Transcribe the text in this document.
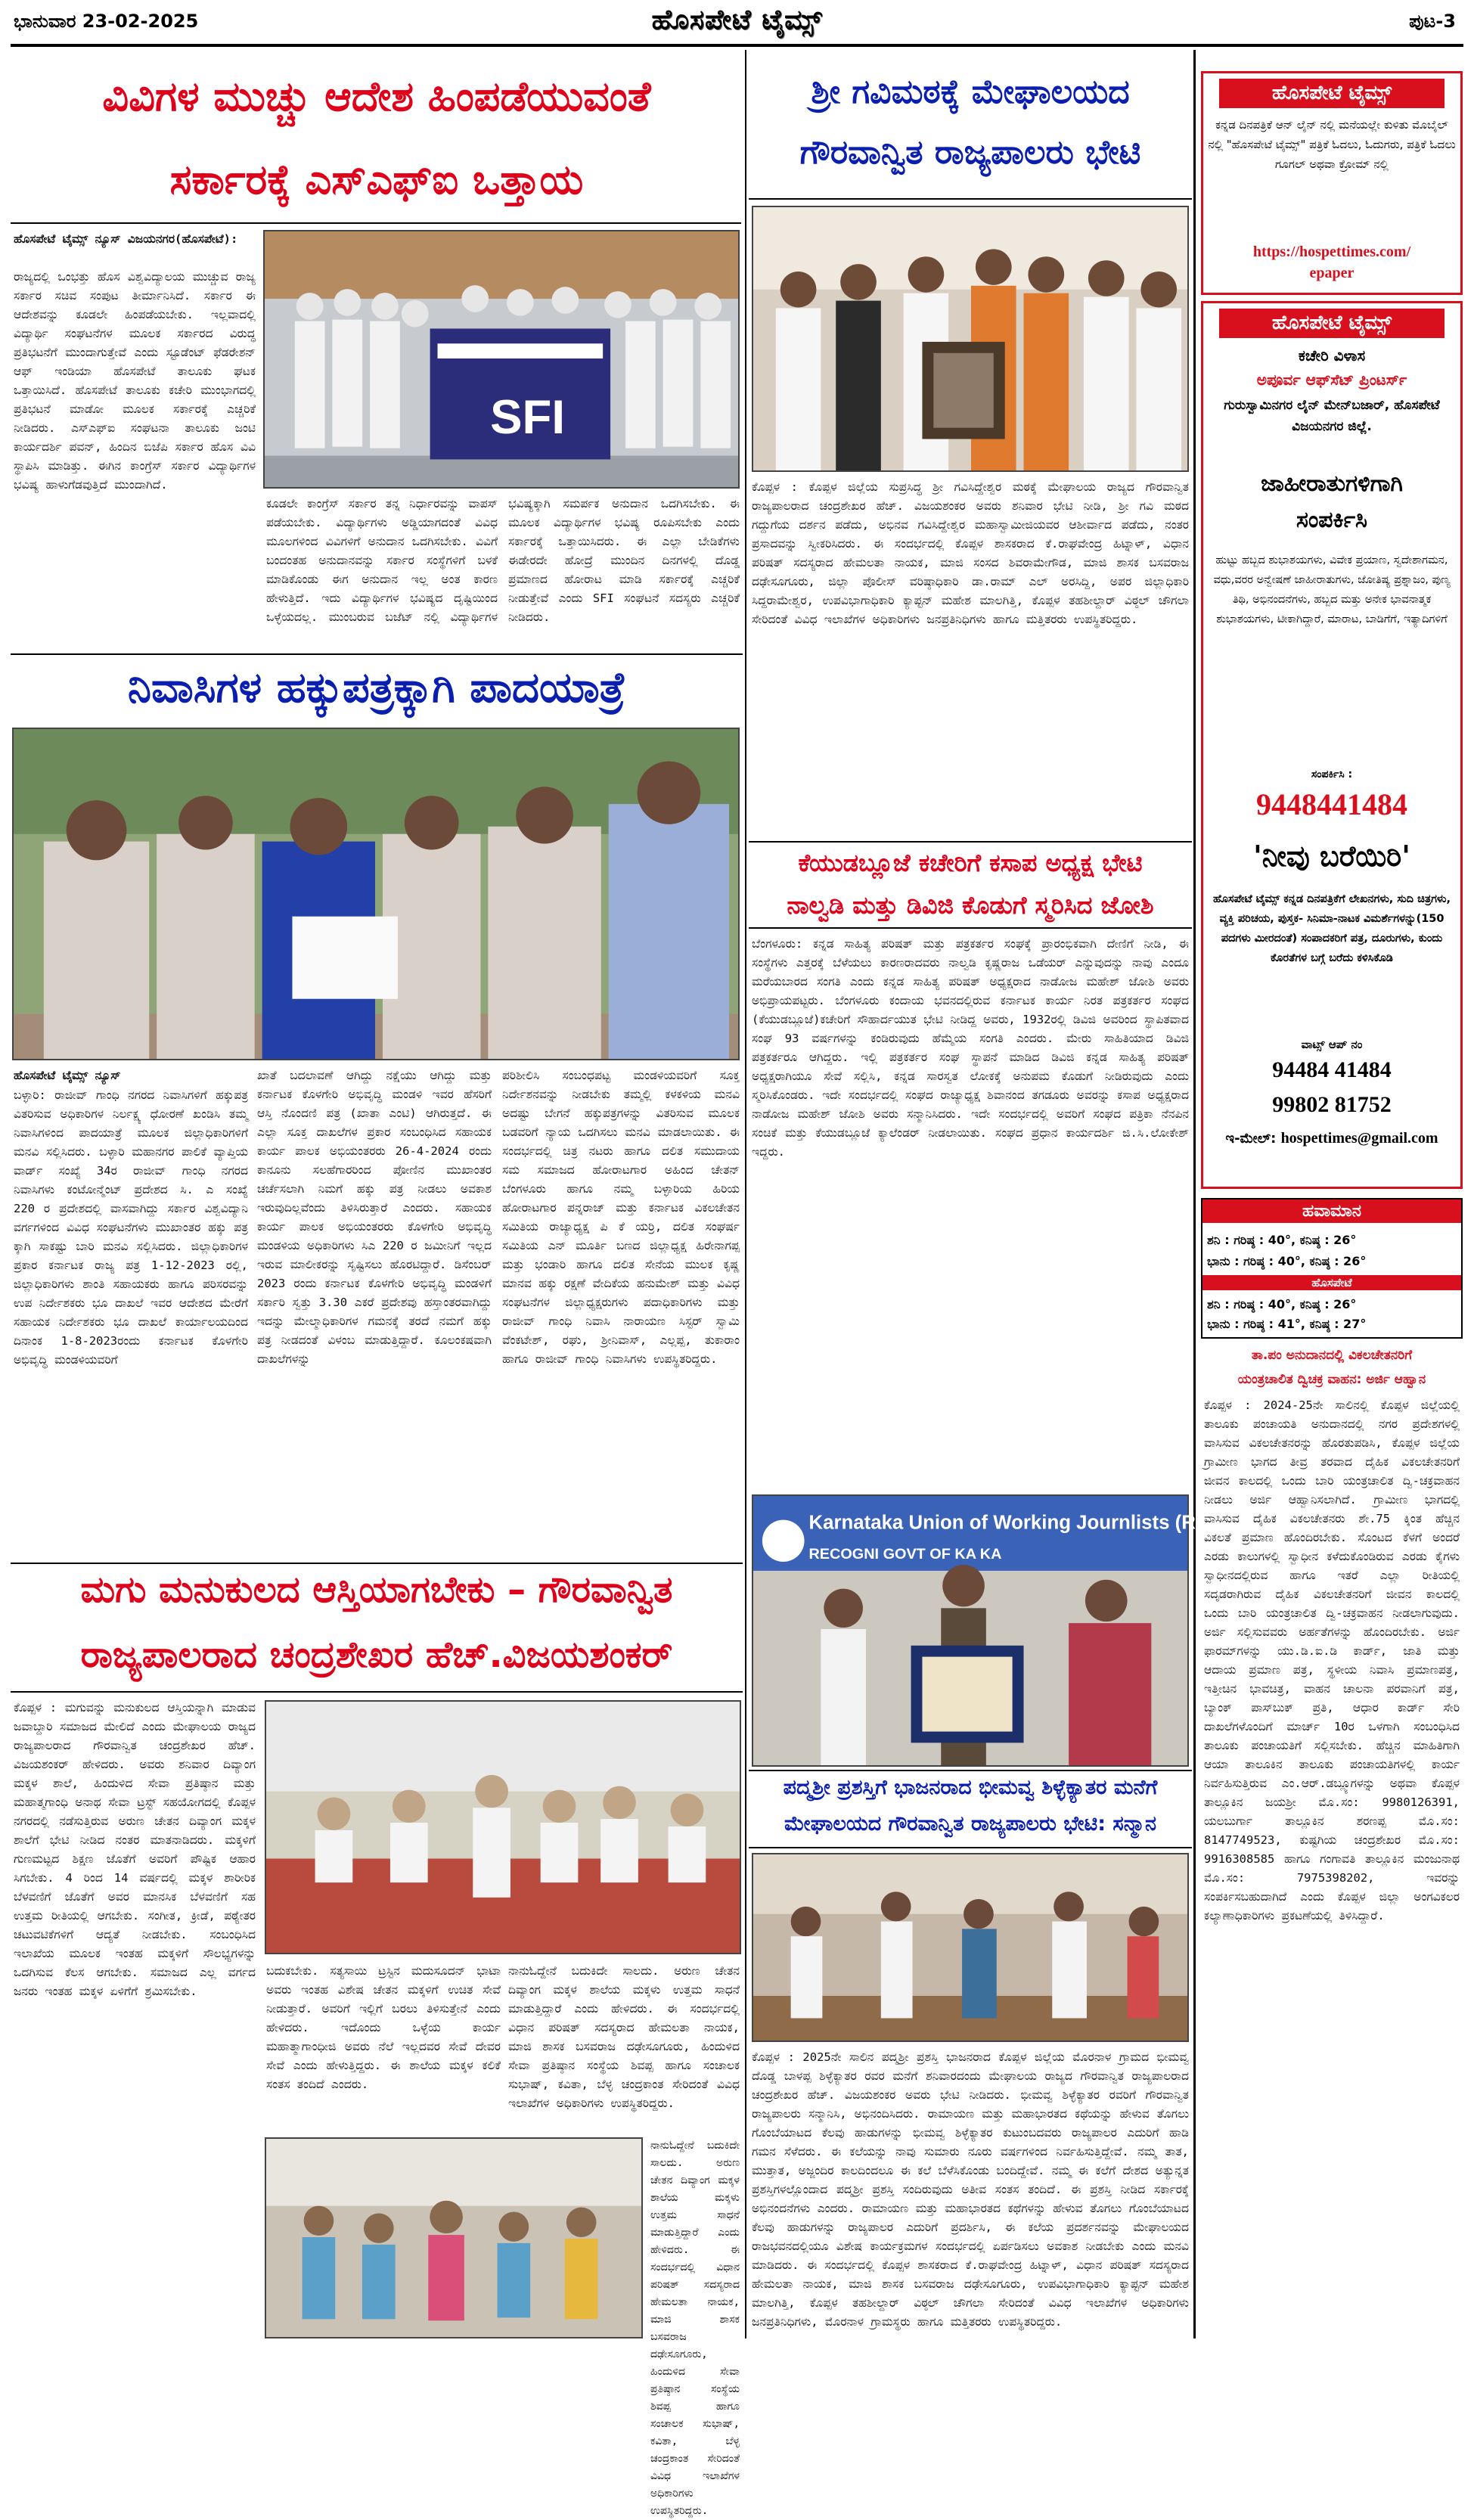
ಭಾನುವಾರ 23-02-2025	ಹೊಸಪೇಟೆ ಟೈಮ್ಸ್	ಪುಟ-3
ವಿವಿಗಳ ಮುಚ್ಚು ಆದೇಶ ಹಿಂಪಡೆಯುವಂತೆ
ಸರ್ಕಾರಕ್ಕೆ ಎಸ್‌ಎಫ್‌ಐ ಒತ್ತಾಯ
ಹೊಸಪೇಟೆ ಟೈಮ್ಸ್ ನ್ಯೂಸ್ ವಿಜಯನಗರ(ಹೊಸಪೇಟೆ):
ರಾಜ್ಯದಲ್ಲಿ ಒಂಭತ್ತು ಹೊಸ ವಿಶ್ವವಿದ್ಯಾಲಯ ಮುಚ್ಚುವ ರಾಜ್ಯ ಸರ್ಕಾರ ಸಚಿವ ಸಂಪುಟ ತೀರ್ಮಾನಿಸಿದೆ. ಸರ್ಕಾರ ಈ ಆದೇಶವನ್ನು ಕೂಡಲೇ ಹಿಂಪಡೆಯಬೇಕು. ಇಲ್ಲವಾದಲ್ಲಿ ವಿದ್ಯಾರ್ಥಿ ಸಂಘಟನೆಗಳ ಮೂಲಕ ಸರ್ಕಾರದ ವಿರುದ್ಧ ಪ್ರತಿಭಟನೆಗೆ ಮುಂದಾಗುತ್ತೇವೆ ಎಂದು ಸ್ಟೂಡೆಂಟ್ ಫೆಡರೇಶನ್ ಆಫ್ ಇಂಡಿಯಾ ಹೊಸಪೇಟೆ ತಾಲೂಕು ಘಟಕ ಒತ್ತಾಯಿಸಿದೆ. ಹೊಸಪೇಟೆ ತಾಲೂಕು ಕಚೇರಿ ಮುಂಭಾಗದಲ್ಲಿ ಪ್ರತಿಭಟನೆ ಮಾಡೋ ಮೂಲಕ ಸರ್ಕಾರಕ್ಕೆ ಎಚ್ಚರಿಕೆ ನೀಡಿದರು. ಎಸ್‌ಎಫ್‌ಐ ಸಂಘಟನಾ ತಾಲೂಕು ಜಂಟಿ ಕಾರ್ಯದರ್ಶಿ ಪವನ್, ಹಿಂದಿನ ಬಿಜೆಪಿ ಸರ್ಕಾರ ಹೊಸ ವಿವಿ ಸ್ಥಾಪಿಸಿ ಮಾಡಿತ್ತು. ಈಗಿನ ಕಾಂಗ್ರೆಸ್ ಸರ್ಕಾರ ವಿದ್ಯಾರ್ಥಿಗಳ ಭವಿಷ್ಯ ಹಾಳುಗೆಡವುತ್ತಿದೆ ಮುಂದಾಗಿದೆ.
SFI
ಕೂಡಲೇ ಕಾಂಗ್ರೆಸ್ ಸರ್ಕಾರ ತನ್ನ ನಿರ್ಧಾರವನ್ನು ವಾಪಸ್ ಪಡೆಯಬೇಕು. ವಿದ್ಯಾರ್ಥಿಗಳು ಅಡ್ಡಿಯಾಗದಂತೆ ವಿವಿಧ ಮೂಲಗಳಿಂದ ವಿವಿಗಳಿಗೆ ಅನುದಾನ ಒದಗಿಸಬೇಕು. ವಿವಿಗೆ ಬಂದಂತಹ ಅನುದಾನವನ್ನು ಸರ್ಕಾರ ಸಂಸ್ಥೆಗಳಿಗೆ ಬಳಕೆ ಮಾಡಿಕೊಂಡು ಈಗ ಅನುದಾನ ಇಲ್ಲ ಅಂತ ಕಾರಣ ಹೇಳುತ್ತಿದೆ. ಇದು ವಿದ್ಯಾರ್ಥಿಗಳ ಭವಿಷ್ಯದ ದೃಷ್ಟಿಯಿಂದ ಒಳ್ಳೆಯದಲ್ಲ. ಮುಂಬರುವ ಬಜೆಟ್ ನಲ್ಲಿ ವಿದ್ಯಾರ್ಥಿಗಳ ಭವಿಷ್ಯಕ್ಕಾಗಿ ಸಮರ್ಪಕ ಅನುದಾನ ಒದಗಿಸಬೇಕು. ಈ ಮೂಲಕ ವಿದ್ಯಾರ್ಥಿಗಳ ಭವಿಷ್ಯ ರೂಪಿಸಬೇಕು ಎಂದು ಸರ್ಕಾರಕ್ಕೆ ಒತ್ತಾಯಿಸಿದರು. ಈ ಎಲ್ಲಾ ಬೇಡಿಕೆಗಳು ಈಡೇರದೇ ಹೋದ್ರೆ ಮುಂದಿನ ದಿನಗಳಲ್ಲಿ ದೊಡ್ಡ ಪ್ರಮಾಣದ ಹೋರಾಟ ಮಾಡಿ ಸರ್ಕಾರಕ್ಕೆ ಎಚ್ಚರಿಕೆ ನೀಡುತ್ತೇವೆ ಎಂದು SFI ಸಂಘಟನೆ ಸದಸ್ಯರು ಎಚ್ಚರಿಕೆ ನೀಡಿದರು.
ನಿವಾಸಿಗಳ ಹಕ್ಕುಪತ್ರಕ್ಕಾಗಿ ಪಾದಯಾತ್ರೆ
ಹೊಸಪೇಟೆ ಟೈಮ್ಸ್ ನ್ಯೂಸ್
ಬಳ್ಳಾರಿ: ರಾಜೀವ್ ಗಾಂಧಿ ನಗರದ ನಿವಾಸಿಗಳಿಗೆ ಹಕ್ಕುಪತ್ರ ವಿತರಿಸುವ ಅಧಿಕಾರಿಗಳ ನಿರ್ಲಕ್ಷ್ಯ ಧೋರಣೆ ಖಂಡಿಸಿ ತಮ್ಮ ನಿವಾಸಿಗಳಿಂದ ಪಾದಯಾತ್ರೆ ಮೂಲಕ ಜಿಲ್ಲಾಧಿಕಾರಿಗಳಿಗೆ ಮನವಿ ಸಲ್ಲಿಸಿದರು. ಬಳ್ಳಾರಿ ಮಹಾನಗರ ಪಾಲಿಕೆ ವ್ಯಾಪ್ತಿಯ ವಾರ್ಡ್ ಸಂಖ್ಯೆ 34ರ ರಾಜೀವ್ ಗಾಂಧಿ ನಗರದ ನಿವಾಸಿಗಳು ಕಂಟೋನ್ಮೆಂಟ್ ಪ್ರದೇಶದ ಸಿ. ಎ ಸಂಖ್ಯೆ 220 ರ ಪ್ರದೇಶದಲ್ಲಿ ವಾಸವಾಗಿದ್ದು ಸರ್ಕಾರ ವಿಶ್ವವಿದ್ಯಾನಿ ವರ್ಗಗಳಿಂದ ವಿವಿಧ ಸಂಘಟನೆಗಳು ಮುಖಾಂತರ ಹಕ್ಕು ಪತ್ರ ಕ್ಕಾಗಿ ಸಾಕಷ್ಟು ಬಾರಿ ಮನವಿ ಸಲ್ಲಿಸಿದರು. ಜಿಲ್ಲಾಧಿಕಾರಿಗಳ ಪ್ರಕಾರ ಕರ್ನಾಟಕ ರಾಜ್ಯ ಪತ್ರ 1-12-2023 ರಲ್ಲಿ, ಜಿಲ್ಲಾಧಿಕಾರಿಗಳು ಶಾಂತಿ ಸಹಾಯಕರು ಹಾಗೂ ಪರಿಸರವನ್ನು ಉಪ ನಿರ್ದೇಶಕರು ಭೂ ದಾಖಲೆ ಇವರ ಆದೇಶದ ಮೇರೆಗೆ ಸಹಾಯಕ ನಿರ್ದೇಶಕರು ಭೂ ದಾಖಲೆ ಕಾರ್ಯಾಲಯದಿಂದ ದಿನಾಂಕ 1-8-2023ರಂದು ಕರ್ನಾಟಕ ಕೊಳಗೇರಿ ಅಭಿವೃದ್ಧಿ ಮಂಡಳಿಯವರಿಗೆ
ಖಾತೆ ಬದಲಾವಣೆ ಆಗಿದ್ದು ನಕ್ಷೆಯು ಆಗಿದ್ದು ಮತ್ತು ಕರ್ನಾಟಕ ಕೊಳಗೇರಿ ಅಭಿವೃದ್ಧಿ ಮಂಡಳಿ ಇವರ ಹೆಸರಿಗೆ ಆಸ್ತಿ ನೊಂದಣಿ ಪತ್ರ (ಖಾತಾ ಎಂಟಿ) ಆಗಿರುತ್ತದೆ. ಈ ಎಲ್ಲಾ ಸೂಕ್ತ ದಾಖಲೆಗಳ ಪ್ರಕಾರ ಸಂಬಂಧಿಸಿದ ಸಹಾಯಕ ಕಾರ್ಯ ಪಾಲಕ ಅಭಿಯಂತರರು 26-4-2024 ರಂದು ಕಾನೂನು ಸಲಹೆಗಾರರಿಂದ ಪೋಣಿನ ಮುಖಾಂತರ ಚರ್ಚೆಸಲಾಗಿ ನಿಮಗೆ ಹಕ್ಕು ಪತ್ರ ನೀಡಲು ಅವಕಾಶ ಇರುವುದಿಲ್ಲವೆಂದು ತಿಳಿಸಿರುತ್ತಾರೆ ಎಂದರು. ಸಹಾಯಕ ಕಾರ್ಯ ಪಾಲಕ ಅಭಿಯಂತರರು ಕೊಳಗೇರಿ ಅಭಿವೃದ್ಧಿ ಮಂಡಳಿಯ ಅಧಿಕಾರಿಗಳು ಸಿಎ 220 ರ ಜಮೀನಿಗೆ ಇಲ್ಲದ ಇರುವ ಮಾಲೀಕರನ್ನು ಸೃಷ್ಟಿಸಲು ಹೊರಟಿದ್ದಾರೆ. ಡಿಸೆಂಬರ್ 2023 ರಂದು ಕರ್ನಾಟಕ ಕೊಳಗೇರಿ ಅಭಿವೃದ್ಧಿ ಮಂಡಳಿಗೆ ಸರ್ಕಾರಿ ಸ್ವತ್ತು 3.30 ಎಕರೆ ಪ್ರದೇಶವು ಹಸ್ತಾಂತರವಾಗಿದ್ದು ಇದನ್ನು ಮೇಲ್ಮಾಧಿಕಾರಿಗಳ ಗಮನಕ್ಕೆ ತರದೆ ನಮಗೆ ಹಕ್ಕು ಪತ್ರ ನೀಡದಂತೆ ವಿಳಂಬ ಮಾಡುತ್ತಿದ್ದಾರೆ. ಕೂಲಂಕಷವಾಗಿ ದಾಖಲೆಗಳನ್ನು
ಪರಿಶೀಲಿಸಿ ಸಂಬಂಧಪಟ್ಟ ಮಂಡಳಿಯವರಿಗೆ ಸೂಕ್ತ ನಿರ್ದೇಶನವನ್ನು ನೀಡಬೇಕು ತಮ್ಮಲ್ಲಿ ಕಳಕಳಿಯ ಮನವಿ ಅದಷ್ಟು ಬೇಗನೆ ಹಕ್ಕುಪತ್ರಗಳನ್ನು ವಿತರಿಸುವ ಮೂಲಕ ಬಡವರಿಗೆ ನ್ಯಾಯ ಒದಗಿಸಲು ಮನವಿ ಮಾಡಲಾಯಿತು. ಈ ಸಂದರ್ಭದಲ್ಲಿ ಚಿತ್ರ ನಟರು ಹಾಗೂ ದಲಿತ ಸಮುದಾಯ ಸಮ ಸಮಾಜದ ಹೋರಾಟಗಾರ ಅಹಿಂದ ಚೇತನ್ ಬೆಂಗಳೂರು ಹಾಗೂ ನಮ್ಮ ಬಳ್ಳಾರಿಯ ಹಿರಿಯ ಹೋರಾಟಗಾರ ಪನ್ನರಾಜ್ ಮತ್ತು ಕರ್ನಾಟಕ ವಿಕಲಚೇತನ ಸಮಿತಿಯ ರಾಜ್ಯಾಧ್ಯಕ್ಷ ಪಿ ಕೆ ಯರ್ರಿ, ದಲಿತ ಸಂಘರ್ಷ ಸಮಿತಿಯ ಎನ್ ಮೂರ್ತಿ ಬಣದ ಜಿಲ್ಲಾಧ್ಯಕ್ಷ ಹಿರೇನಾಗಪ್ಪ ಮತ್ತು ಭಂಡಾರಿ ಹಾಗೂ ದಲಿತ ಸೇನೆಯ ಮುಲಕ ಕೃಷ್ಣ ಮಾನವ ಹಕ್ಕು ರಕ್ಷಣೆ ವೇದಿಕೆಯ ಹನುಮೇಶ್ ಮತ್ತು ವಿವಿಧ ಸಂಘಟನೆಗಳ ಜಿಲ್ಲಾಧ್ಯಕ್ಷರುಗಳು ಪದಾಧಿಕಾರಿಗಳು ಮತ್ತು ರಾಜೀವ್ ಗಾಂಧಿ ನಿವಾಸಿ ನಾರಾಯಣ ಸಿಸ್ಟರ್ ಸ್ವಾಮಿ ವೆಂಕಟೇಶ್, ರಘು, ಶ್ರೀನಿವಾಸ್, ಎಲ್ಲಪ್ಪ, ತುಕಾರಾಂ ಹಾಗೂ ರಾಜೀವ್ ಗಾಂಧಿ ನಿವಾಸಿಗಳು ಉಪಸ್ಥಿತರಿದ್ದರು.
ಮಗು ಮನುಕುಲದ ಆಸ್ತಿಯಾಗಬೇಕು – ಗೌರವಾನ್ವಿತ
ರಾಜ್ಯಪಾಲರಾದ ಚಂದ್ರಶೇಖರ ಹೆಚ್.ವಿಜಯಶಂಕರ್
ಕೊಪ್ಪಳ : ಮಗುವನ್ನು ಮನುಕುಲದ ಆಸ್ತಿಯನ್ನಾಗಿ ಮಾಡುವ ಜವಾಬ್ದಾರಿ ಸಮಾಜದ ಮೇಲಿದೆ ಎಂದು ಮೇಘಾಲಯ ರಾಜ್ಯದ ರಾಜ್ಯಪಾಲರಾದ ಗೌರವಾನ್ವಿತ ಚಂದ್ರಶೇಖರ ಹೆಚ್. ವಿಜಯಶಂಕರ್ ಹೇಳಿದರು. ಅವರು ಶನಿವಾರ ದಿವ್ಯಾಂಗ ಮಕ್ಕಳ ಶಾಲೆ, ಹಿಂದುಳಿದ ಸೇವಾ ಪ್ರತಿಷ್ಠಾನ ಮತ್ತು ಮಹಾತ್ಮಗಾಂಧಿ ಅನಾಥ ಸೇವಾ ಟ್ರಸ್ಟ್ ಸಹಯೋಗದಲ್ಲಿ ಕೊಪ್ಪಳ ನಗರದಲ್ಲಿ ನಡೆಸುತ್ತಿರುವ ಅರುಣ ಚೇತನ ದಿವ್ಯಾಂಗ ಮಕ್ಕಳ ಶಾಲೆಗೆ ಭೇಟಿ ನೀಡಿದ ನಂತರ ಮಾತನಾಡಿದರು. ಮಕ್ಕಳಿಗೆ ಗುಣಮಟ್ಟದ ಶಿಕ್ಷಣ ಜೊತೆಗೆ ಅವರಿಗೆ ಪೌಷ್ಟಿಕ ಆಹಾರ ಸಿಗಬೇಕು. 4 ರಿಂದ 14 ವರ್ಷದಲ್ಲಿ ಮಕ್ಕಳ ಶಾರೀರಿಕ ಬೆಳವಣಿಗೆ ಜೊತೆಗೆ ಅವರ ಮಾನಸಿಕ ಬೆಳವಣಿಗೆ ಸಹ ಉತ್ತಮ ರೀತಿಯಲ್ಲಿ ಆಗಬೇಕು. ಸಂಗೀತ, ಕ್ರೀಡೆ, ಪಠ್ಯೇತರ ಚಟುವಟಿಕೆಗಳಿಗೆ ಆದ್ಯತೆ ನೀಡಬೇಕು. ಸಂಬಂಧಿಸಿದ ಇಲಾಖೆಯ ಮೂಲಕ ಇಂತಹ ಮಕ್ಕಳಿಗೆ ಸೌಲಭ್ಯಗಳನ್ನು ಒದಗಿಸುವ ಕೆಲಸ ಆಗಬೇಕು. ಸಮಾಜದ ಎಲ್ಲ ವರ್ಗದ ಜನರು ಇಂತಹ ಮಕ್ಕಳ ಏಳಿಗೆಗೆ ಶ್ರಮಿಸಬೇಕು.
ಬದುಕಬೇಕು. ಸತ್ಯಸಾಯಿ ಟ್ರಸ್ಟಿನ ಮದುಸೂದನ್ ಭಾಟಾ ಅವರು ಇಂತಹ ವಿಶೇಷ ಚೇತನ ಮಕ್ಕಳಿಗೆ ಉಚಿತ ಸೇವೆ ನೀಡುತ್ತಾರೆ. ಅವರಿಗೆ ಇಲ್ಲಿಗೆ ಬರಲು ತಿಳಿಸುತ್ತೇನೆ ಎಂದು ಹೇಳಿದರು. ಇದೊಂದು ಒಳ್ಳೆಯ ಕಾರ್ಯ ಮಹಾತ್ಮಾಗಾಂಧೀಜಿ ಅವರು ನೆಲೆ ಇಲ್ಲದವರ ಸೇವೆ ದೇವರ ಸೇವೆ ಎಂದು ಹೇಳುತ್ತಿದ್ದರು. ಈ ಶಾಲೆಯ ಮಕ್ಕಳ ಕಲಿಕೆ ಸಂತಸ ತಂದಿದೆ ಎಂದರು.
ನಾನುಓದ್ದೇನೆ ಬದುಕಿದೇ ಸಾಲದು. ಅರುಣ ಚೇತನ ದಿವ್ಯಾಂಗ ಮಕ್ಕಳ ಶಾಲೆಯ ಮಕ್ಕಳು ಉತ್ತಮ ಸಾಧನೆ ಮಾಡುತ್ತಿದ್ದಾರೆ ಎಂದು ಹೇಳಿದರು. ಈ ಸಂದರ್ಭದಲ್ಲಿ ವಿಧಾನ ಪರಿಷತ್ ಸದಸ್ಯರಾದ ಹೇಮಲತಾ ನಾಯಕ, ಮಾಜಿ ಶಾಸಕ ಬಸವರಾಜ ದಢೇಸೂಗೂರು, ಹಿಂದುಳಿದ ಸೇವಾ ಪ್ರತಿಷ್ಠಾನ ಸಂಸ್ಥೆಯ ಶಿವಪ್ಪ ಹಾಗೂ ಸಂಚಾಲಕ ಸುಭಾಷ್, ಕವಿತಾ, ಬೆಳ್ಳ ಚಂದ್ರಕಾಂತ ಸೇರಿದಂತೆ ವಿವಿಧ ಇಲಾಖೆಗಳ ಅಧಿಕಾರಿಗಳು ಉಪಸ್ಥಿತರಿದ್ದರು.
ನಾನುಓದ್ದೇನೆ ಬದುಕಿದೇ ಸಾಲದು. ಅರುಣ ಚೇತನ ದಿವ್ಯಾಂಗ ಮಕ್ಕಳ ಶಾಲೆಯ ಮಕ್ಕಳು ಉತ್ತಮ ಸಾಧನೆ ಮಾಡುತ್ತಿದ್ದಾರೆ ಎಂದು ಹೇಳಿದರು. ಈ ಸಂದರ್ಭದಲ್ಲಿ ವಿಧಾನ ಪರಿಷತ್ ಸದಸ್ಯರಾದ ಹೇಮಲತಾ ನಾಯಕ, ಮಾಜಿ ಶಾಸಕ ಬಸವರಾಜ ದಢೇಸೂಗೂರು, ಹಿಂದುಳಿದ ಸೇವಾ ಪ್ರತಿಷ್ಠಾನ ಸಂಸ್ಥೆಯ ಶಿವಪ್ಪ ಹಾಗೂ ಸಂಚಾಲಕ ಸುಭಾಷ್, ಕವಿತಾ, ಬೆಳ್ಳ ಚಂದ್ರಕಾಂತ ಸೇರಿದಂತೆ ವಿವಿಧ ಇಲಾಖೆಗಳ ಅಧಿಕಾರಿಗಳು ಉಪಸ್ಥಿತರಿದ್ದರು.
ಶ್ರೀ ಗವಿಮಠಕ್ಕೆ ಮೇಘಾಲಯದ
ಗೌರವಾನ್ವಿತ ರಾಜ್ಯಪಾಲರು ಭೇಟಿ
ಕೊಪ್ಪಳ : ಕೊಪ್ಪಳ ಜಿಲ್ಲೆಯ ಸುಪ್ರಸಿದ್ಧ ಶ್ರೀ ಗವಿಸಿದ್ದೇಶ್ವರ ಮಠಕ್ಕೆ ಮೇಘಾಲಯ ರಾಜ್ಯದ ಗೌರವಾನ್ವಿತ ರಾಜ್ಯಪಾಲರಾದ ಚಂದ್ರಶೇಖರ ಹೆಚ್. ವಿಜಯಶಂಕರ ಅವರು ಶನಿವಾರ ಭೇಟಿ ನೀಡಿ, ಶ್ರೀ ಗವಿ ಮಠದ ಗದ್ದುಗೆಯ ದರ್ಶನ ಪಡೆದು, ಅಭಿನವ ಗವಿಸಿದ್ದೇಶ್ವರ ಮಹಾಸ್ವಾಮೀಜಿಯವರ ಆಶೀರ್ವಾದ ಪಡೆದು, ನಂತರ ಪ್ರಸಾದವನ್ನು ಸ್ವೀಕರಿಸಿದರು. ಈ ಸಂದರ್ಭದಲ್ಲಿ ಕೊಪ್ಪಳ ಶಾಸಕರಾದ ಕೆ.ರಾಘವೇಂದ್ರ ಹಿಟ್ನಾಳ್, ವಿಧಾನ ಪರಿಷತ್ ಸದಸ್ಯರಾದ ಹೇಮಲತಾ ನಾಯಕ, ಮಾಜಿ ಸಂಸದ ಶಿವರಾಮೇಗೌಡ, ಮಾಜಿ ಶಾಸಕ ಬಸವರಾಜ ದಢೇಸೂಗೂರು, ಜಿಲ್ಲಾ ಪೊಲೀಸ್ ವರಿಷ್ಠಾಧಿಕಾರಿ ಡಾ.ರಾಮ್ ಎಲ್ ಅರಸಿದ್ದಿ, ಅಪರ ಜಿಲ್ಲಾಧಿಕಾರಿ ಸಿದ್ದರಾಮೇಶ್ವರ, ಉಪವಿಭಾಗಾಧಿಕಾರಿ ಕ್ಯಾಪ್ಟನ್ ಮಹೇಶ ಮಾಲಗಿತ್ತಿ, ಕೊಪ್ಪಳ ತಹಶೀಲ್ದಾರ್ ವಿಠ್ಠಲ್ ಚೌಗಲಾ ಸೇರಿದಂತೆ ವಿವಿಧ ಇಲಾಖೆಗಳ ಅಧಿಕಾರಿಗಳು ಜನಪ್ರತಿನಿಧಿಗಳು ಹಾಗೂ ಮತ್ತಿತರರು ಉಪಸ್ಥಿತರಿದ್ದರು.
ಕೆಯುಡಬ್ಲೂಜೆ ಕಚೇರಿಗೆ ಕಸಾಪ ಅಧ್ಯಕ್ಷ ಭೇಟಿ
ನಾಲ್ವಡಿ ಮತ್ತು ಡಿವಿಜಿ ಕೊಡುಗೆ ಸ್ಮರಿಸಿದ ಜೋಶಿ
ಬೆಂಗಳೂರು: ಕನ್ನಡ ಸಾಹಿತ್ಯ ಪರಿಷತ್ ಮತ್ತು ಪತ್ರಕರ್ತರ ಸಂಘಕ್ಕೆ ಪ್ರಾರಂಭಿಕವಾಗಿ ದೇಣಿಗೆ ನೀಡಿ, ಈ ಸಂಸ್ಥೆಗಳು ಎತ್ತರಕ್ಕೆ ಬೆಳೆಯಲು ಕಾರಣರಾದವರು ನಾಲ್ವಡಿ ಕೃಷ್ಣರಾಜ ಒಡೆಯರ್ ಎನ್ನುವುದನ್ನು ನಾವು ಎಂದೂ ಮರೆಯಬಾರದ ಸಂಗತಿ ಎಂದು ಕನ್ನಡ ಸಾಹಿತ್ಯ ಪರಿಷತ್ ಅಧ್ಯಕ್ಷರಾದ ನಾಡೋಜ ಮಹೇಶ್ ಜೋಶಿ ಅವರು ಅಭಿಪ್ರಾಯಪಟ್ಟರು. ಬೆಂಗಳೂರು ಕಂದಾಯ ಭವನದಲ್ಲಿರುವ ಕರ್ನಾಟಕ ಕಾರ್ಯ ನಿರತ ಪತ್ರಕರ್ತರ ಸಂಘದ (ಕೆಯುಡಬ್ಲೂಜೆ)ಕಚೇರಿಗೆ ಸೌಹಾರ್ದಯುತ ಭೇಟಿ ನೀಡಿದ್ದ ಅವರು, 1932ರಲ್ಲಿ ಡಿವಿಜಿ ಅವರಿಂದ ಸ್ಥಾಪಿತವಾದ ಸಂಘ 93 ವರ್ಷಗಳನ್ನು ಕಂಡಿರುವುದು ಹೆಮ್ಮೆಯ ಸಂಗತಿ ಎಂದರು. ಮೇರು ಸಾಹಿತಿಯಾದ ಡಿವಿಜಿ ಪತ್ರಕರ್ತರೂ ಆಗಿದ್ದರು. ಇಲ್ಲಿ ಪತ್ರಕರ್ತರ ಸಂಘ ಸ್ಥಾಪನೆ ಮಾಡಿದ ಡಿವಿಜಿ ಕನ್ನಡ ಸಾಹಿತ್ಯ ಪರಿಷತ್ ಅಧ್ಯಕ್ಷರಾಗಿಯೂ ಸೇವೆ ಸಲ್ಲಿಸಿ, ಕನ್ನಡ ಸಾರಸ್ವತ ಲೋಕಕ್ಕೆ ಅನುಪಮ ಕೊಡುಗೆ ನೀಡಿರುವುದು ಎಂದು ಸ್ಮರಿಸಿಕೊಂಡರು. ಇದೇ ಸಂದರ್ಭದಲ್ಲಿ ಸಂಘದ ರಾಜ್ಯಾಧ್ಯಕ್ಷ ಶಿವಾನಂದ ತಗಡೂರು ಅವರನ್ನು ಕಸಾಪ ಅಧ್ಯಕ್ಷರಾದ ನಾಡೋಜ ಮಹೇಶ್ ಜೋಶಿ ಅವರು ಸನ್ಮಾನಿಸಿದರು. ಇದೇ ಸಂದರ್ಭದಲ್ಲಿ ಅವರಿಗೆ ಸಂಘದ ಪತ್ರಿಕಾ ನೆನಪಿನ ಸಂಚಿಕೆ ಮತ್ತು ಕೆಯುಡಬ್ಲೂಜೆ ಕ್ಯಾಲೆಂಡರ್ ನೀಡಲಾಯಿತು. ಸಂಘದ ಪ್ರಧಾನ ಕಾರ್ಯದರ್ಶಿ ಜಿ.ಸಿ.ಲೋಕೇಶ್ ಇದ್ದರು.
Karnataka Union of Working Journlists (Reg
RECOGNI GOVT OF KA KA
ಪದ್ಮಶ್ರೀ ಪ್ರಶಸ್ತಿಗೆ ಭಾಜನರಾದ ಭೀಮವ್ವ ಶಿಳ್ಳೆಕ್ಯಾತರ ಮನೆಗೆ
ಮೇಘಾಲಯದ ಗೌರವಾನ್ವಿತ ರಾಜ್ಯಪಾಲರು ಭೇಟಿ: ಸನ್ಮಾನ
ಕೊಪ್ಪಳ : 2025ನೇ ಸಾಲಿನ ಪದ್ಮಶ್ರೀ ಪ್ರಶಸ್ತಿ ಭಾಜನರಾದ ಕೊಪ್ಪಳ ಜಿಲ್ಲೆಯ ಮೊರನಾಳ ಗ್ರಾಮದ ಭೀಮವ್ವ ದೊಡ್ಡ ಬಾಳಪ್ಪ ಶಿಳ್ಳೆಕ್ಯಾತರ ರವರ ಮನೆಗೆ ಶನಿವಾರದಂದು ಮೇಘಾಲಯ ರಾಜ್ಯದ ಗೌರವಾನ್ವಿತ ರಾಜ್ಯಪಾಲರಾದ ಚಂದ್ರಶೇಖರ ಹೆಚ್. ವಿಜಯಶಂಕರ ಅವರು ಭೇಟಿ ನೀಡಿದರು. ಭೀಮವ್ವ ಶಿಳ್ಳೆಕ್ಯಾತರ ರವರಿಗೆ ಗೌರವಾನ್ವಿತ ರಾಜ್ಯಪಾಲರು ಸನ್ಮಾನಿಸಿ, ಅಭಿನಂದಿಸಿದರು. ರಾಮಾಯಣ ಮತ್ತು ಮಹಾಭಾರತದ ಕಥೆಯನ್ನು ಹೇಳುವ ತೊಗಲು ಗೊಂಬೆಯಾಟದ ಕೆಲವು ಹಾಡುಗಳನ್ನು ಭೀಮವ್ವ ಶಿಳ್ಳೆಕ್ಯಾತರ ಕುಟುಂಬದವರು ರಾಜ್ಯಪಾಲರ ಎದುರಿಗೆ ಹಾಡಿ ಗಮನ ಸೆಳೆದರು. ಈ ಕಲೆಯನ್ನು ನಾವು ಸುಮಾರು ನೂರು ವರ್ಷಗಳಿಂದ ನಿರ್ವಹಿಸುತ್ತಿದ್ದೇವೆ. ನಮ್ಮ ತಾತ, ಮುತ್ತಾತ, ಅಜ್ಜಂದಿರ ಕಾಲದಿಂದಲೂ ಈ ಕಲೆ ಬೆಳೆಸಿಕೊಂಡು ಬಂದಿದ್ದೇವೆ. ನಮ್ಮ ಈ ಕಲೆಗೆ ದೇಶದ ಅತ್ಯುನ್ನತ ಪ್ರಶಸ್ತಿಗಳಲ್ಲೊಂದಾದ ಪದ್ಮಶ್ರೀ ಪ್ರಶಸ್ತಿ ಸಂದಿರುವುದು ಅತೀವ ಸಂತಸ ತಂದಿದೆ. ಈ ಪ್ರಶಸ್ತಿ ನೀಡಿದ ಸರ್ಕಾರಕ್ಕೆ ಅಭಿನಂದನೆಗಳು ಎಂದರು. ರಾಮಾಯಣ ಮತ್ತು ಮಹಾಭಾರತದ ಕಥೆಗಳನ್ನು ಹೇಳುವ ತೊಗಲು ಗೊಂಬೆಯಾಟದ ಕೆಲವು ಹಾಡುಗಳನ್ನು ರಾಜ್ಯಪಾಲರ ಎದುರಿಗೆ ಪ್ರದರ್ಶಿಸಿ, ಈ ಕಲೆಯ ಪ್ರದರ್ಶನವನ್ನು ಮೇಘಾಲಯದ ರಾಜಭವನದಲ್ಲಿಯೂ ವಿಶೇಷ ಕಾರ್ಯಕ್ರಮಗಳ ಸಂದರ್ಭದಲ್ಲಿ ಏರ್ಪಡಿಸಲು ಅವಕಾಶ ನೀಡಬೇಕು ಎಂದು ಮನವಿ ಮಾಡಿದರು. ಈ ಸಂದರ್ಭದಲ್ಲಿ ಕೊಪ್ಪಳ ಶಾಸಕರಾದ ಕೆ.ರಾಘವೇಂದ್ರ ಹಿಟ್ನಾಳ್, ವಿಧಾನ ಪರಿಷತ್ ಸದಸ್ಯರಾದ ಹೇಮಲತಾ ನಾಯಕ, ಮಾಜಿ ಶಾಸಕ ಬಸವರಾಜ ದಢೇಸೂಗೂರು, ಉಪವಿಭಾಗಾಧಿಕಾರಿ ಕ್ಯಾಪ್ಟನ್ ಮಹೇಶ ಮಾಲಗಿತ್ತಿ, ಕೊಪ್ಪಳ ತಹಶೀಲ್ದಾರ್ ವಿಠ್ಠಲ್ ಚೌಗಲಾ ಸೇರಿದಂತೆ ವಿವಿಧ ಇಲಾಖೆಗಳ ಅಧಿಕಾರಿಗಳು ಜನಪ್ರತಿನಿಧಿಗಳು, ಮೊರನಾಳ ಗ್ರಾಮಸ್ಥರು ಹಾಗೂ ಮತ್ತಿತರರು ಉಪಸ್ಥಿತರಿದ್ದರು.
ಹೊಸಪೇಟೆ ಟೈಮ್ಸ್
ಕನ್ನಡ ದಿನಪತ್ರಿಕೆ ಆನ್ ಲೈನ್ ನಲ್ಲಿ ಮನೆಯಲ್ಲೇ ಕುಳಿತು ಮೊಬೈಲ್ ನಲ್ಲಿ "ಹೊಸಪೇಟೆ ಟೈಮ್ಸ್" ಪತ್ರಿಕೆ ಓದಲು, ಓದುಗರು, ಪತ್ರಿಕೆ ಓದಲು ಗೂಗಲ್ ಅಥವಾ ಕ್ರೋಮ್ ನಲ್ಲಿ
https://hospettimes.com/
epaper
ಹೊಸಪೇಟೆ ಟೈಮ್ಸ್
ಕಚೇರಿ ವಿಳಾಸ
ಅಪೂರ್ವ ಆಫ್‌ಸೆಟ್ ಪ್ರಿಂಟರ್ಸ್
ಗುರುಸ್ವಾಮಿನಗರ ಲೈನ್ ಮೇನ್‌ಬಜಾರ್, ಹೊಸಪೇಟೆ ವಿಜಯನಗರ ಜಿಲ್ಲೆ.
ಜಾಹೀರಾತುಗಳಿಗಾಗಿ
ಸಂಪರ್ಕಿಸಿ
ಹುಟ್ಟು ಹಬ್ಬದ ಶುಭಾಶಯಗಳು, ವಿವೇಕ ಪ್ರಯಾಣ, ಸ್ವದೇಶಾಗಮನ, ವಧು,ವರರ ಅನ್ವೇಷಣೆ ಜಾಹೀರಾತುಗಳು, ಜೋತಿಷ್ಯ ಪ್ರಶ್ನಾಜಂ, ಪುಣ್ಯ ತಿಥಿ, ಅಭಿನಂದನೆಗಳು, ಹಬ್ಬದ ಮತ್ತು ಅನೇಕ ಭಾವನಾತ್ಮಕ ಶುಭಾಶಯಗಳು, ಟೀಕಾಗಿದ್ದಾರೆ, ಮಾರಾಟ, ಬಾಡಿಗೆಗೆ, ಇತ್ಯಾದಿಗಳಿಗೆ
ಸಂಪರ್ಕಿಸಿ :
9448441484
'ನೀವು ಬರೆಯಿರಿ'
ಹೊಸಪೇಟೆ ಟೈಮ್ಸ್ ಕನ್ನಡ ದಿನಪತ್ರಿಕೆಗೆ ಲೇಖನಗಳು, ಸುದಿ ಚಿತ್ರಗಳು, ವ್ಯಕ್ತಿ ಪರಿಚಯ, ಪುಸ್ತಕ- ಸಿನಿಮಾ-ನಾಟಕ ವಿಮರ್ಶೆಗಳನ್ನು(150 ಪದಗಳು ಮೀರದಂತೆ) ಸಂಪಾದಕರಿಗೆ ಪತ್ರ, ದೂರುಗಳು, ಕುಂದು ಕೊರತೆಗಳ ಬಗ್ಗೆ ಬರೆದು ಕಳಿಸಿಕೊಡಿ
ವಾಟ್ಸ್ ಆಪ್ ನಂ
94484 41484
99802 81752
ಇ-ಮೇಲ್: hospettimes@gmail.com
ಹವಾಮಾನ
ಶನಿ : ಗರಿಷ್ಠ : 40°, ಕನಿಷ್ಠ : 26°
ಭಾನು : ಗರಿಷ್ಠ : 40°, ಕನಿಷ್ಠ : 26°
ಹೊಸಪೇಟೆ
ಶನಿ : ಗರಿಷ್ಠ : 40°, ಕನಿಷ್ಠ : 26°
ಭಾನು : ಗರಿಷ್ಠ : 41°, ಕನಿಷ್ಠ : 27°
ತಾ.ಪಂ ಅನುದಾನದಲ್ಲಿ ವಿಕಲಚೇತನರಿಗೆ
ಯಂತ್ರಚಾಲಿತ ದ್ವಿಚಕ್ರ ವಾಹನ: ಅರ್ಜಿ ಆಹ್ವಾನ
ಕೊಪ್ಪಳ : 2024-25ನೇ ಸಾಲಿನಲ್ಲಿ ಕೊಪ್ಪಳ ಜಿಲ್ಲೆಯಲ್ಲಿ ತಾಲೂಕು ಪಂಚಾಯತಿ ಅನುದಾನದಲ್ಲಿ ನಗರ ಪ್ರದೇಶಗಳಲ್ಲಿ ವಾಸಿಸುವ ವಿಕಲಚೇತನರನ್ನು ಹೊರತುಪಡಿಸಿ, ಕೊಪ್ಪಳ ಜಿಲ್ಲೆಯ ಗ್ರಾಮೀಣ ಭಾಗದ ತೀವ್ರ ತರವಾದ ದೈಹಿಕ ವಿಕಲಚೇತನರಿಗೆ ಜೀವನ ಕಾಲದಲ್ಲಿ ಒಂದು ಬಾರಿ ಯಂತ್ರಚಾಲಿತ ದ್ವಿ-ಚಕ್ರವಾಹನ ನೀಡಲು ಅರ್ಜಿ ಆಹ್ವಾನಿಸಲಾಗಿದೆ. ಗ್ರಾಮೀಣ ಭಾಗದಲ್ಲಿ ವಾಸಿಸುವ ದೈಹಿಕ ವಿಕಲಚೇತನರು ಶೇ.75 ಕ್ಕಿಂತ ಹೆಚ್ಚಿನ ವಿಕಲತೆ ಪ್ರಮಾಣ ಹೊಂದಿರಬೇಕು. ಸೊಂಟದ ಕೆಳಗೆ ಅಂದರೆ ಎರಡು ಕಾಲುಗಳಲ್ಲಿ ಸ್ವಾಧೀನ ಕಳೆದುಕೊಂಡಿರುವ ಎರಡು ಕೈಗಳು ಸ್ವಾಧೀನದಲ್ಲಿರುವ ಹಾಗೂ ಇತರೆ ಎಲ್ಲಾ ರೀತಿಯಲ್ಲಿ ಸದೃಡರಾಗಿರುವ ದೈಹಿಕ ವಿಕಲಚೇತನರಿಗೆ ಜೀವನ ಕಾಲದಲ್ಲಿ ಒಂದು ಬಾರಿ ಯಂತ್ರಚಾಲಿತ ದ್ವಿ-ಚಕ್ರವಾಹನ ನೀಡಲಾಗುವುದು. ಅರ್ಜಿ ಸಲ್ಲಿಸುವವರು ಅರ್ಹತೆಗಳನ್ನು ಹೊಂದಿರಬೇಕು. ಅರ್ಜಿ ಫಾರಮ್‌ಗಳನ್ನು ಯು.ಡಿ.ಐ.ಡಿ ಕಾರ್ಡ್, ಜಾತಿ ಮತ್ತು ಆದಾಯ ಪ್ರಮಾಣ ಪತ್ರ, ಸ್ಥಳೀಯ ನಿವಾಸಿ ಪ್ರಮಾಣಪತ್ರ, ಇತ್ತೀಚಿನ ಭಾವಚಿತ್ರ, ವಾಹನ ಚಾಲನಾ ಪರವಾನಿಗೆ ಪತ್ರ, ಬ್ಯಾಂಕ್ ಪಾಸ್‌ಬುಕ್ ಪ್ರತಿ, ಆಧಾರ ಕಾರ್ಡ್ ಸೇರಿ ದಾಖಲೆಗಳೊಂದಿಗೆ ಮಾರ್ಚ್ 10ರ ಒಳಗಾಗಿ ಸಂಬಂಧಿಸಿದ ತಾಲೂಕು ಪಂಚಾಯತಿಗೆ ಸಲ್ಲಿಸಬೇಕು. ಹೆಚ್ಚಿನ ಮಾಹಿತಿಗಾಗಿ ಆಯಾ ತಾಲೂಕಿನ ತಾಲೂಕು ಪಂಚಾಯತಿಗಳಲ್ಲಿ ಕಾರ್ಯ ನಿರ್ವಹಿಸುತ್ತಿರುವ ಎಂ.ಆರ್.ಡಬ್ಲ್ಯೂಗಳನ್ನು ಅಥವಾ ಕೊಪ್ಪಳ ತಾಲ್ಲೂಕಿನ ಜಯಶ್ರೀ ಮೊ.ಸಂ: 9980126391, ಯಲಬುರ್ಗಾ ತಾಲ್ಲೂಕಿನ ಶರಣಪ್ಪ ಮೊ.ಸಂ: 8147749523, ಕುಷ್ಟಗಿಯ ಚಂದ್ರಶೇಖರ ಮೊ.ಸಂ: 9916308585 ಹಾಗೂ ಗಂಗಾವತಿ ತಾಲ್ಲೂಕಿನ ಮಂಜುನಾಥ ಮೊ.ಸಂ: 7975398202, ಇವರನ್ನು ಸಂಪರ್ಕಿಸಬಹುದಾಗಿದೆ ಎಂದು ಕೊಪ್ಪಳ ಜಿಲ್ಲಾ ಅಂಗವಿಕಲರ ಕಲ್ಯಾಣಾಧಿಕಾರಿಗಳು ಪ್ರಕಟಣೆಯಲ್ಲಿ ತಿಳಿಸಿದ್ದಾರೆ.
